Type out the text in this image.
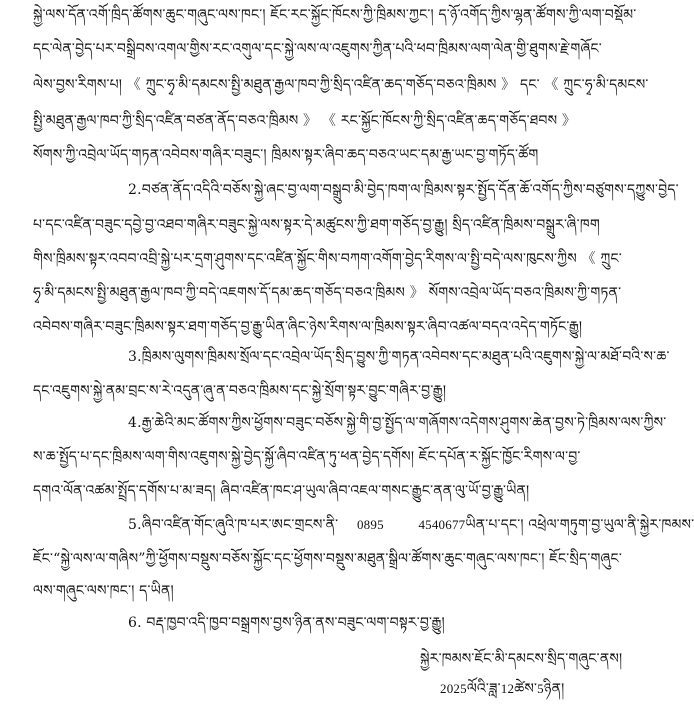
སྐྱེ་ལས་དོན་འགོ་ཁྲིད་ཚོགས་ཆུང་གཞུང་ལས་ཁང་། ཇོང་རང་སྐྱོང་ཁོངས་ཀྱི་ཁྲིམས་ཀྱང་། ད་ཉོ་འགོད་ཀྱིས་ལྷན་ཚོགས་ཀྱི་ལག་བསྡོམ་
དང་ལེན་བྱེད་པར་བསྒྲིབས་འགལ་གྱིས་རང་འགུལ་དང་སྐྱེ་ལས་ལ་འཇུགས་ཀྱིན་པའི་ཕབ་ཁྲིམས་ལག་ལེན་གྱི་ཐུགས་རྗེ་གཞོང་
ལེས་བྱས་རིགས་པ། 《 ཀྲུང་ཧྭ་མི་དམངས་སྤྱི་མཐུན་རྒྱལ་ཁབ་ཀྱི་སྲིད་འཛིན་ཆད་གཅོད་བཅའ་ཁྲིམས 》 དང་ 《 ཀྲུང་ཧྭ་མི་དམངས་
སྤྱི་མཐུན་རྒྱལ་ཁབ་ཀྱི་སྲིད་འཛིན་བཙན་ནོད་བཅའ་ཁྲིམས 》 《 རང་སྐྱོང་ཁོངས་ཀྱི་སྲིད་འཛིན་ཆད་གཅོད་ཐབས 》
སོགས་ཀྱི་འབྲེལ་ཡོད་གཏན་འབེབས་གཞིར་བཟུང་། ཁྲིམས་སྟར་ཞིབ་ཆད་བཅའ་ཡང་དམ་རྒྱ་ཡང་བྱ་གཏོད་ཚོག
2.བཙན་ནོད་འདིའི་བཅོས་སྐྱེ་ཞང་བྱ་ལག་བསྒྲུབ་མི་བྱེད་ཁག་ལ་ཁྲིམས་སྟར་སྤྱོད་དོན་ཆོ་འགོད་ཀྱིས་བཙུགས་དཀྱུས་བྱེད་
པ་དང་འཛིན་བཟུང་དབྱེ་བྱ་འཐབ་གཞིར་བཟུང་སྐྱེ་ལས་སྟར་དེ་མཚུངས་ཀྱི་ཐག་གཅོད་བྱ་རྒྱུ། སྲིད་འཛིན་ཁྲིམས་བསྒྲུར་ཞི་ཁག
གིས་ཁྲིམས་སྟར་འབབ་འབྲི་སྐྱེ་པར་དྲག་ཤུགས་དང་འཛིན་སྐྱོང་གིས་བཀག་འགོག་བྱེད་རིགས་ལ་སྤྱི་བདེ་ལས་ཁུངས་ཀྱིས 《 ཀྲུང་
ཧྭ་མི་དམངས་སྤྱི་མཐུན་རྒྱལ་ཁབ་ཀྱི་བདེ་འཇགས་དོ་དམ་ཆད་གཅོད་བཅའ་ཁྲིམས 》 སོགས་འབྲེལ་ཡོད་བཅའ་ཁྲིམས་ཀྱི་གཏན་
འབེབས་གཞིར་བཟུང་ཁྲིམས་སྟར་ཐག་གཅོད་བྱ་རྒྱུ་ཡིན་ཞིང་ཉེས་རིགས་ལ་ཁྲིམས་སྟར་ཞིབ་འཚལ་བདའ་འདེད་གཏོང་རྒྱུ།
3.ཁྲིམས་ལུགས་ཁྲིམས་སྲོལ་དང་འབྲེལ་ཡོད་སྲིད་བྱུས་ཀྱི་གཏན་འབེབས་དང་མཐུན་པའི་འཇུགས་སྐྱེ་ལ་མཐོ་བའི་ས་ཆ་
དང་འཇུགས་སྐྱེ་ནམ་བྲང་ས་རེ་འདུན་ཞུ་ན་བཅའ་ཁྲིམས་དང་སྐྱེ་སྲོག་སྟར་བྱུང་གཞིར་བྱ་རྒྱུ།
4.རྒྱ་ཆེའི་མང་ཚོགས་ཀྱིས་ཕྱོགས་བཟུང་བཅོས་སྐྱེ་གི་བྱ་སྤྱོད་ལ་གཞོགས་འདེགས་ཤུགས་ཆེན་བྱས་ཏེ་ཁྲིམས་ལས་ཀྱིས་
ས་ཆ་སྤྱོད་པ་དང་ཁྲིམས་ལག་གིས་འཇུགས་སྐྱེ་བྱེད་སྐྱོ་ཞིབ་འཛིན་ཏུ་ཕན་བྱེད་དགོས། ཇོང་དཔོན་ར་སྐྱོང་ཁྱོང་རིགས་ལ་བྱ་
དགའ་ལོན་འཚམ་སྤྲོད་དགོས་པ་མ་ཟད། ཞིབ་འཛིན་ཁང་ཤ་ཡུལ་ཞིབ་འཇལ་གསང་རྒྱུང་ནན་ལུ་ཡོ་བྱ་རྒྱུ་ཡིན།
5.ཞིབ་འཛིན་གོང་ཞུའི་ཁ་པར་ཨང་གྲངས་ནི་ 0895	4540677ཡིན་པ་དང་། འཕྲེལ་གཏུག་བྱ་ཡུལ་ནི་སྐྱེར་ཁམས་
ཇོང་“སྐྱེ་ལས་ལ་གཞིས”ཀྱི་ཕྱོགས་བསྡུས་བཅོས་སྐྱོང་དང་ཕྱོགས་བསྡུས་མཐུན་སྒྲིལ་ཚོགས་ཆུང་གཞུང་ལས་ཁང་། ཇོང་སྲིད་གཞུང་
ལས་གཞུང་ལས་ཁང་། ད་ཡིན།
6. བརྡ་ཁྱབ་འདི་ཁྱབ་བསྒྲགས་བྱས་ཉིན་ནས་བཟུང་ལག་བསྟར་བྱ་རྒྱུ།
སྐྱེར་ཁམས་ཇོང་མི་དམངས་སྲིད་གཞུང་ནས།
2025ལོའི་ཟླ་12ཚེས་5ཉིན།
